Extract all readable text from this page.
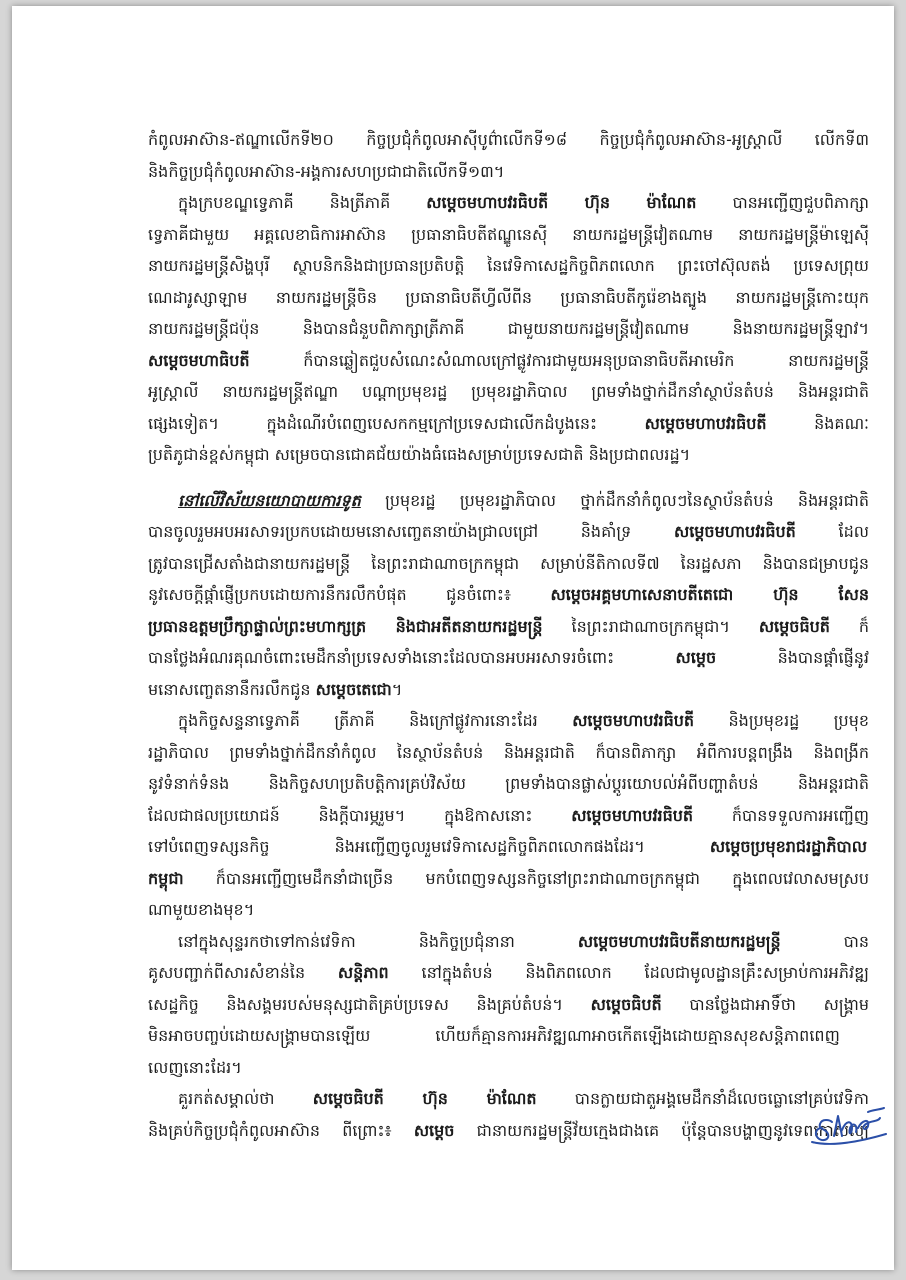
កំពូលអាស៊ាន-ឥណ្ឌាលើកទី២០ កិច្ចប្រជុំកំពូលអាស៊ីបូព៌ាលើកទី១៨ កិច្ចប្រជុំកំពូលអាស៊ាន-អូស្ត្រាលី លើកទី៣
និងកិច្ចប្រជុំកំពូលអាស៊ាន-អង្គការសហប្រជាជាតិលើកទី១៣។
ក្នុងក្របខណ្ឌទ្វេភាគី និងត្រីភាគី សម្តេចមហាបវរធិបតី ហ៊ុន ម៉ាណែត បានអញ្ជើញជួបពិភាក្សា
ទ្វេភាគីជាមួយ អគ្គលេខាធិការអាស៊ាន ប្រធានាធិបតីឥណ្ឌូនេស៊ី នាយករដ្ឋមន្ត្រីវៀតណាម នាយករដ្ឋមន្ត្រីម៉ាឡេស៊ី
នាយករដ្ឋមន្ត្រីសិង្ហបុរី ស្ថាបនិកនិងជាប្រធានប្រតិបត្តិ នៃវេទិកាសេដ្ឋកិច្ចពិភពលោក ព្រះចៅស៊ុលតង់ ប្រទេសព្រុយ
ណេដារូស្សាឡាម នាយករដ្ឋមន្ត្រីចិន ប្រធានាធិបតីហ្វីលីពីន ប្រធានាធិបតីកូរ៉េខាងត្បូង នាយករដ្ឋមន្ត្រីកោះយុក
នាយករដ្ឋមន្ត្រីជប៉ុន និងបានជំនួបពិភាក្សាត្រីភាគី ជាមួយនាយករដ្ឋមន្ត្រីវៀតណាម និងនាយករដ្ឋមន្ត្រីឡាវ។
សម្តេចមហាធិបតី ក៏បានឆ្លៀតជួបសំណេះសំណាលក្រៅផ្លូវការជាមួយអនុប្រធានាធិបតីអាមេរិក នាយករដ្ឋមន្ត្រី
អូស្ត្រាលី នាយករដ្ឋមន្ត្រីឥណ្ឌា បណ្តាប្រមុខរដ្ឋ ប្រមុខរដ្ឋាភិបាល ព្រមទាំងថ្នាក់ដឹកនាំស្ថាប័នតំបន់ និងអន្តរជាតិ
ផ្សេងទៀត។ ក្នុងដំណើរបំពេញបេសកកម្មក្រៅប្រទេសជាលើកដំបូងនេះ សម្តេចមហាបវរធិបតី និងគណៈ
ប្រតិភូជាន់ខ្ពស់កម្ពុជា សម្រេចបានជោគជ័យយ៉ាងធំធេងសម្រាប់ប្រទេសជាតិ និងប្រជាពលរដ្ឋ។
នៅលើវិស័យនយោបាយការទូត ប្រមុខរដ្ឋ ប្រមុខរដ្ឋាភិបាល ថ្នាក់ដឹកនាំកំពូលៗនៃស្ថាប័នតំបន់ និងអន្តរជាតិ
បានចូលរួមអបអរសាទរប្រកបដោយមនោសញ្ចេតនាយ៉ាងជ្រាលជ្រៅ និងគាំទ្រ សម្តេចមហាបវរធិបតី ដែល
ត្រូវបានជ្រើសតាំងជានាយករដ្ឋមន្ត្រី នៃព្រះរាជាណាចក្រកម្ពុជា សម្រាប់នីតិកាលទី៧ នៃរដ្ឋសភា និងបានជម្រាបជូន
នូវសេចក្តីផ្តាំផ្ញើប្រកបដោយការនឹករលឹកបំផុត ជូនចំពោះ៖ សម្តេចអគ្គមហាសេនាបតីតេជោ ហ៊ុន សែន
ប្រធានឧត្តមប្រឹក្សាផ្ទាល់ព្រះមហាក្សត្រ និងជាអតីតនាយករដ្ឋមន្ត្រី នៃព្រះរាជាណាចក្រកម្ពុជា។ សម្តេចធិបតី ក៏
បានថ្លែងអំណរគុណចំពោះមេដឹកនាំប្រទេសទាំងនោះដែលបានអបអរសាទរចំពោះ សម្តេច និងបានផ្តាំផ្ញើនូវ
មនោសញ្ចេតនានឹករលឹកជូន សម្តេចតេជោ។
ក្នុងកិច្ចសន្ទនាទ្វេភាគី ត្រីភាគី និងក្រៅផ្លូវការនោះដែរ សម្តេចមហាបវរធិបតី និងប្រមុខរដ្ឋ ប្រមុខ
រដ្ឋាភិបាល ព្រមទាំងថ្នាក់ដឹកនាំកំពូល នៃស្ថាប័នតំបន់ និងអន្តរជាតិ ក៏បានពិភាក្សា អំពីការបន្តពង្រឹង និងពង្រីក
នូវទំនាក់ទំនង និងកិច្ចសហប្រតិបត្តិការគ្រប់វិស័យ ព្រមទាំងបានផ្លាស់ប្តូរយោបល់អំពីបញ្ហាតំបន់ និងអន្តរជាតិ
ដែលជាផលប្រយោជន៍ និងក្តីបារម្ភរួម។ ក្នុងឱកាសនោះ សម្តេចមហាបវរធិបតី ក៏បានទទួលការអញ្ជើញ
ទៅបំពេញទស្សនកិច្ច និងអញ្ជើញចូលរួមវេទិកាសេដ្ឋកិច្ចពិភពលោកផងដែរ។ សម្តេចប្រមុខរាជរដ្ឋាភិបាល
កម្ពុជា ក៏បានអញ្ជើញមេដឹកនាំជាច្រើន មកបំពេញទស្សនកិច្ចនៅព្រះរាជាណាចក្រកម្ពុជា ក្នុងពេលវេលាសមស្រប
ណាមួយខាងមុខ។
នៅក្នុងសុន្ទរកថាទៅកាន់វេទិកា និងកិច្ចប្រជុំនានា សម្តេចមហាបវរធិបតីនាយករដ្ឋមន្ត្រី បាន
គូសបញ្ជាក់ពីសារសំខាន់នៃ សន្តិភាព នៅក្នុងតំបន់ និងពិភពលោក ដែលជាមូលដ្ឋានគ្រឹះសម្រាប់ការអភិវឌ្ឍ
សេដ្ឋកិច្ច និងសង្គមរបស់មនុស្សជាតិគ្រប់ប្រទេស និងគ្រប់តំបន់។ សម្តេចធិបតី បានថ្លែងជាអាទិ៍ថា សង្គ្រាម
មិនអាចបញ្ចប់ដោយសង្គ្រាមបានឡើយ ហើយក៏គ្មានការអភិវឌ្ឍណាអាចកើតឡើងដោយគ្មានសុខសន្តិភាពពេញ
លេញនោះដែរ។
គួរកត់សម្គាល់ថា សម្តេចធិបតី ហ៊ុន ម៉ាណែត បានក្លាយជាតួអង្គមេដឹកនាំដ៏លេចធ្លោនៅគ្រប់វេទិកា
និងគ្រប់កិច្ចប្រជុំកំពូលអាស៊ាន ពីព្រោះ៖ សម្តេច ជានាយករដ្ឋមន្ត្រីវ័យក្មេងជាងគេ ប៉ុន្តែបានបង្ហាញនូវទេពកោសល្យ
